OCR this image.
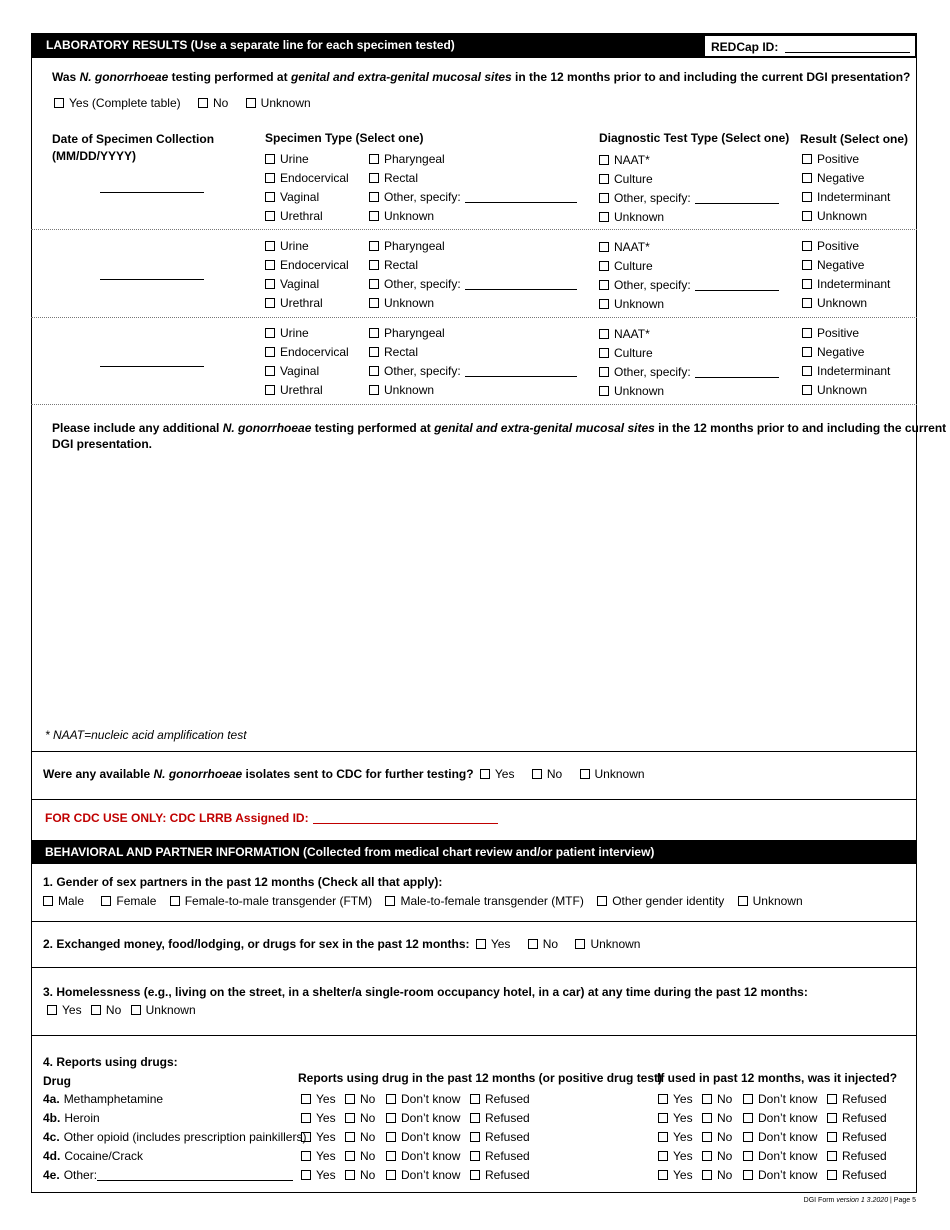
LABORATORY RESULTS (Use a separate line for each specimen tested)	REDCap ID:
Was N. gonorrhoeae testing performed at genital and extra-genital mucosal sites in the 12 months prior to and including the current DGI presentation?
Yes (Complete table)	No	Unknown
Date of Specimen Collection
(MM/DD/YYYY)
Specimen Type (Select one)	Diagnostic Test Type (Select one) Result (Select one)
Urine	Pharyngeal	NAAT*	Positive
Endocervical	Rectal	Culture	Negative
Vaginal	Other, specify:	Other, specify:	Indeterminant
Urethral	Unknown	Unknown	Unknown
Urine	Pharyngeal	NAAT*	Positive
Endocervical	Rectal	Culture	Negative
Vaginal	Other, specify:	Other, specify:	Indeterminant
Urethral	Unknown	Unknown	Unknown
Urine	Pharyngeal	NAAT*	Positive
Endocervical	Rectal	Culture	Negative
Vaginal	Other, specify:	Other, specify:	Indeterminant
Urethral	Unknown	Unknown	Unknown
Please include any additional N. gonorrhoeae testing performed at genital and extra-genital mucosal sites in the 12 months prior to and including the current
DGI presentation.
* NAAT=nucleic acid amplification test
Were any available N. gonorrhoeae isolates sent to CDC for further testing? Yes	No	Unknown
FOR CDC USE ONLY: CDC LRRB Assigned ID:
BEHAVIORAL AND PARTNER INFORMATION (Collected from medical chart review and/or patient interview)
1. Gender of sex partners in the past 12 months (Check all that apply):
Male	Female Female-to-male transgender (FTM) Male-to-female transgender (MTF) Other gender identity Unknown
2. Exchanged money, food/lodging, or drugs for sex in the past 12 months: Yes	No	Unknown
3. Homelessness (e.g., living on the street, in a shelter/a single-room occupancy hotel, in a car) at any time during the past 12 months:
Yes No Unknown
4. Reports using drugs:
Drug	Reports using drug in the past 12 months (or positive drug test)
If used in past 12 months, was it injected?
4a. Methamphetamine	Yes	No	Don’t know	Refused	Yes	No	Don’t know	Refused
4b. Heroin	Yes	No	Don’t know	Refused	Yes	No	Don’t know	Refused
4c. Other opioid (includes prescription painkillers) Yes	No	Don’t know	Refused	Yes	No	Don’t know	Refused
4d. Cocaine/Crack	Yes	No	Don’t know	Refused	Yes	No	Don’t know	Refused
4e. Other:	Yes	No	Don’t know	Refused	Yes	No	Don’t know	Refused
DGI Form version 1 3.2020 | Page 5
